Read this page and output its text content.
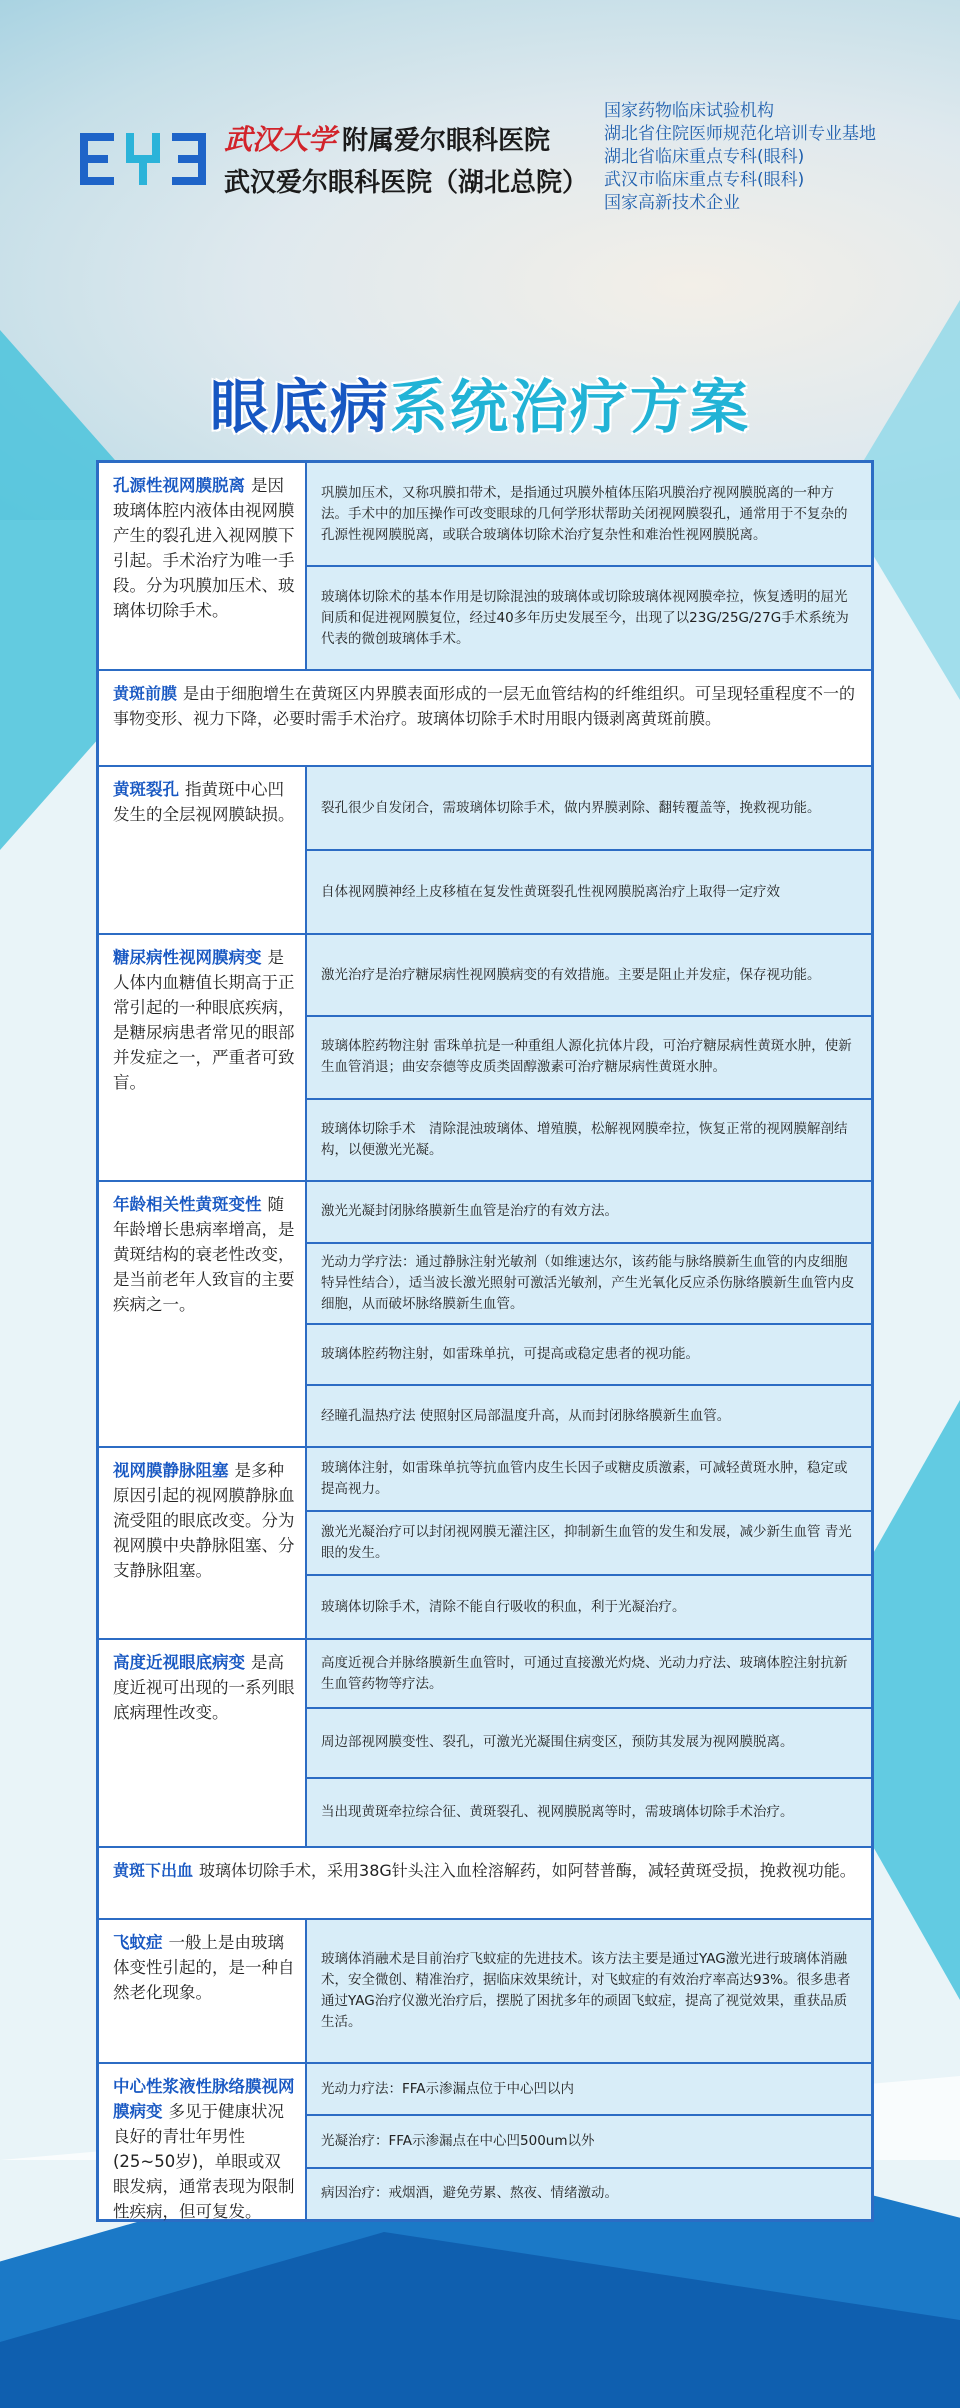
武汉大学 附属爱尔眼科医院
武汉爱尔眼科医院（湖北总院）
国家药物临床试验机构
湖北省住院医师规范化培训专业基地
湖北省临床重点专科(眼科)
武汉市临床重点专科(眼科)
国家高新技术企业
眼底病系统治疗方案
孔源性视网膜脱离 是因玻璃体腔内液体由视网膜产生的裂孔进入视网膜下引起。手术治疗为唯一手段。分为巩膜加压术、玻璃体切除手术。
巩膜加压术，又称巩膜扣带术，是指通过巩膜外植体压陷巩膜治疗视网膜脱离的一种方法。手术中的加压操作可改变眼球的几何学形状帮助关闭视网膜裂孔，通常用于不复杂的孔源性视网膜脱离，或联合玻璃体切除术治疗复杂性和难治性视网膜脱离。
玻璃体切除术的基本作用是切除混浊的玻璃体或切除玻璃体视网膜牵拉，恢复透明的屈光间质和促进视网膜复位，经过40多年历史发展至今，出现了以23G/25G/27G手术系统为代表的微创玻璃体手术。
黄斑前膜 是由于细胞增生在黄斑区内界膜表面形成的一层无血管结构的纤维组织。可呈现轻重程度不一的事物变形、视力下降，必要时需手术治疗。玻璃体切除手术时用眼内镊剥离黄斑前膜。
黄斑裂孔 指黄斑中心凹发生的全层视网膜缺损。	裂孔很少自发闭合，需玻璃体切除手术，做内界膜剥除、翻转覆盖等，挽救视功能。
自体视网膜神经上皮移植在复发性黄斑裂孔性视网膜脱离治疗上取得一定疗效
糖尿病性视网膜病变 是人体内血糖值长期高于正常引起的一种眼底疾病，是糖尿病患者常见的眼部并发症之一，严重者可致盲。
激光治疗是治疗糖尿病性视网膜病变的有效措施。主要是阻止并发症，保存视功能。
玻璃体腔药物注射 雷珠单抗是一种重组人源化抗体片段，可治疗糖尿病性黄斑水肿，使新生血管消退；曲安奈德等皮质类固醇激素可治疗糖尿病性黄斑水肿。
玻璃体切除手术　清除混浊玻璃体、增殖膜，松解视网膜牵拉，恢复正常的视网膜解剖结构，以便激光光凝。
年龄相关性黄斑变性 随年龄增长患病率增高，是黄斑结构的衰老性改变，是当前老年人致盲的主要疾病之一。
激光光凝封闭脉络膜新生血管是治疗的有效方法。
光动力学疗法：通过静脉注射光敏剂（如维速达尔，该药能与脉络膜新生血管的内皮细胞特异性结合），适当波长激光照射可激活光敏剂，产生光氧化反应杀伤脉络膜新生血管内皮细胞，从而破坏脉络膜新生血管。
玻璃体腔药物注射，如雷珠单抗，可提高或稳定患者的视功能。
经瞳孔温热疗法 使照射区局部温度升高，从而封闭脉络膜新生血管。
视网膜静脉阻塞 是多种原因引起的视网膜静脉血流受阻的眼底改变。分为视网膜中央静脉阻塞、分支静脉阻塞。
玻璃体注射，如雷珠单抗等抗血管内皮生长因子或糖皮质激素，可减轻黄斑水肿，稳定或提高视力。
激光光凝治疗可以封闭视网膜无灌注区，抑制新生血管的发生和发展，减少新生血管 青光眼的发生。
玻璃体切除手术，清除不能自行吸收的积血，利于光凝治疗。
高度近视眼底病变 是高度近视可出现的一系列眼底病理性改变。
高度近视合并脉络膜新生血管时，可通过直接激光灼烧、光动力疗法、玻璃体腔注射抗新生血管药物等疗法。
周边部视网膜变性、裂孔，可激光光凝围住病变区，预防其发展为视网膜脱离。
当出现黄斑牵拉综合征、黄斑裂孔、视网膜脱离等时，需玻璃体切除手术治疗。
黄斑下出血 玻璃体切除手术，采用38G针头注入血栓溶解药，如阿替普酶，减轻黄斑受损，挽救视功能。
飞蚊症 一般上是由玻璃体变性引起的，是一种自然老化现象。
玻璃体消融术是目前治疗飞蚊症的先进技术。该方法主要是通过YAG激光进行玻璃体消融术，安全微创、精准治疗，据临床效果统计，对飞蚊症的有效治疗率高达93%。很多患者通过YAG治疗仪激光治疗后，摆脱了困扰多年的顽固飞蚊症，提高了视觉效果，重获品质生活。
中心性浆液性脉络膜视网膜病变 多见于健康状况良好的青壮年男性(25~50岁)，单眼或双眼发病，通常表现为限制性疾病，但可复发。
光动力疗法：FFA示渗漏点位于中心凹以内
光凝治疗：FFA示渗漏点在中心凹500um以外
病因治疗：戒烟酒，避免劳累、熬夜、情绪激动。
